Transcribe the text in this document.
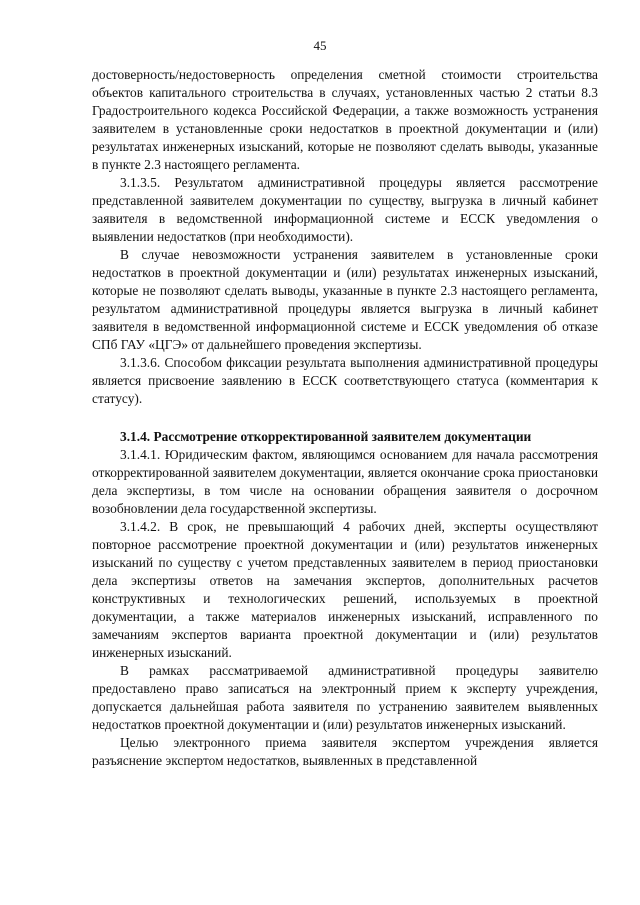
45

достоверность/недостоверность определения сметной стоимости строительства объектов капитального строительства в случаях, установленных частью 2 статьи 8.3 Градостроительного кодекса Российской Федерации, а также возможность устранения заявителем в установленные сроки недостатков в проектной документации и (или) результатах инженерных изысканий, которые не позволяют сделать выводы, указанные в пункте 2.3 настоящего регламента.

3.1.3.5. Результатом административной процедуры является рассмотрение представленной заявителем документации по существу, выгрузка в личный кабинет заявителя в ведомственной информационной системе и ЕССК уведомления о выявлении недостатков (при необходимости).

В случае невозможности устранения заявителем в установленные сроки недостатков в проектной документации и (или) результатах инженерных изысканий, которые не позволяют сделать выводы, указанные в пункте 2.3 настоящего регламента, результатом административной процедуры является выгрузка в личный кабинет заявителя в ведомственной информационной системе и ЕССК уведомления об отказе СПб ГАУ «ЦГЭ» от дальнейшего проведения экспертизы.

3.1.3.6. Способом фиксации результата выполнения административной процедуры является присвоение заявлению в ЕССК соответствующего статуса (комментария к статусу).

3.1.4. Рассмотрение откорректированной заявителем документации

3.1.4.1. Юридическим фактом, являющимся основанием для начала рассмотрения откорректированной заявителем документации, является окончание срока приостановки дела экспертизы, в том числе на основании обращения заявителя о досрочном возобновлении дела государственной экспертизы.

3.1.4.2. В срок, не превышающий 4 рабочих дней, эксперты осуществляют повторное рассмотрение проектной документации и (или) результатов инженерных изысканий по существу с учетом представленных заявителем в период приостановки дела экспертизы ответов на замечания экспертов, дополнительных расчетов конструктивных и технологических решений, используемых в проектной документации, а также материалов инженерных изысканий, исправленного по замечаниям экспертов варианта проектной документации и (или) результатов инженерных изысканий.

В рамках рассматриваемой административной процедуры заявителю предоставлено право записаться на электронный прием к эксперту учреждения, допускается дальнейшая работа заявителя по устранению заявителем выявленных недостатков проектной документации и (или) результатов инженерных изысканий.

Целью электронного приема заявителя экспертом учреждения является разъяснение экспертом недостатков, выявленных в представленной
